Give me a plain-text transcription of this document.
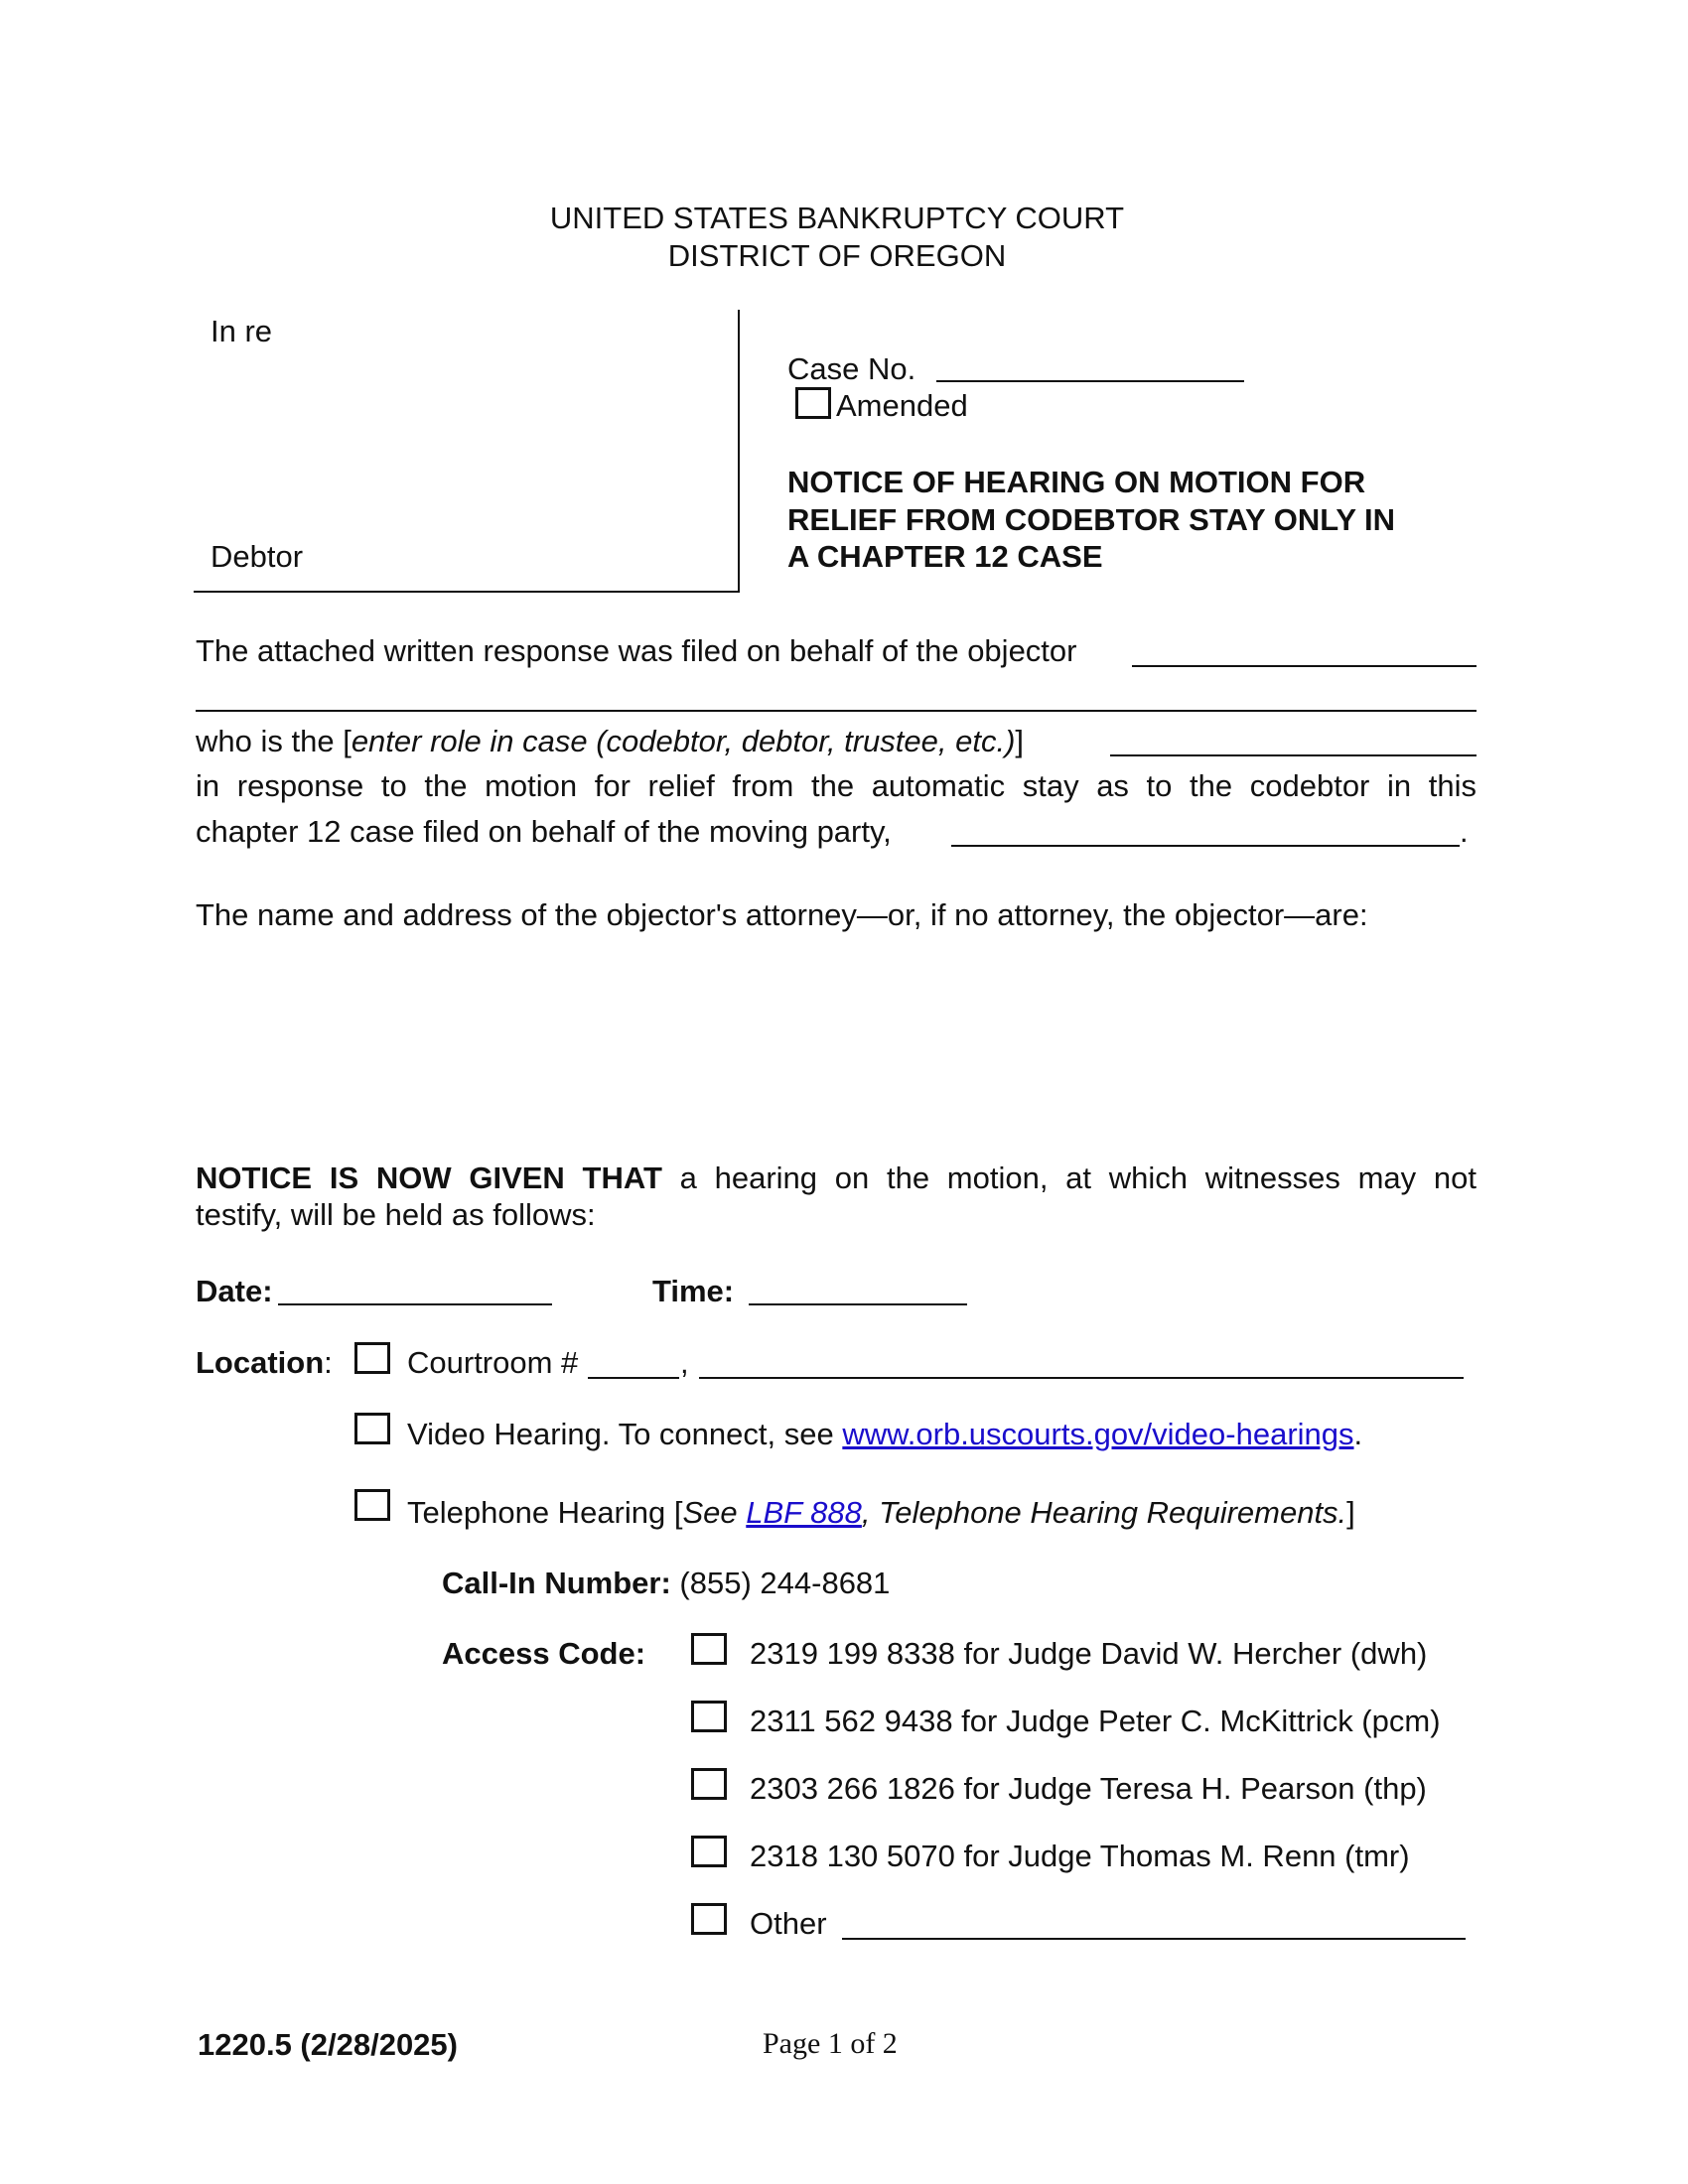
UNITED STATES BANKRUPTCY COURT
DISTRICT OF OREGON
In re
Debtor
Case No.
Amended
NOTICE OF HEARING ON MOTION FOR
RELIEF FROM CODEBTOR STAY ONLY IN
A CHAPTER 12 CASE
The attached written response was filed on behalf of the objector
who is the [enter role in case (codebtor, debtor, trustee, etc.)]
in response to the motion for relief from the automatic stay as to the codebtor in this
chapter 12 case filed on behalf of the moving party,	.
The name and address of the objector's attorney—or, if no attorney, the objector—are:
NOTICE IS NOW GIVEN THAT a hearing on the motion, at which witnesses may not
testify, will be held as follows:
Date:	Time:
Location: Courtroom #	,
Video Hearing. To connect, see www.orb.uscourts.gov/video-hearings.
Telephone Hearing [See LBF 888, Telephone Hearing Requirements.]
Call-In Number: (855) 244-8681
Access Code:	2319 199 8338 for Judge David W. Hercher (dwh)
2311 562 9438 for Judge Peter C. McKittrick (pcm)
2303 266 1826 for Judge Teresa H. Pearson (thp)
2318 130 5070 for Judge Thomas M. Renn (tmr)
Other
1220.5 (2/28/2025)	Page 1 of 2
